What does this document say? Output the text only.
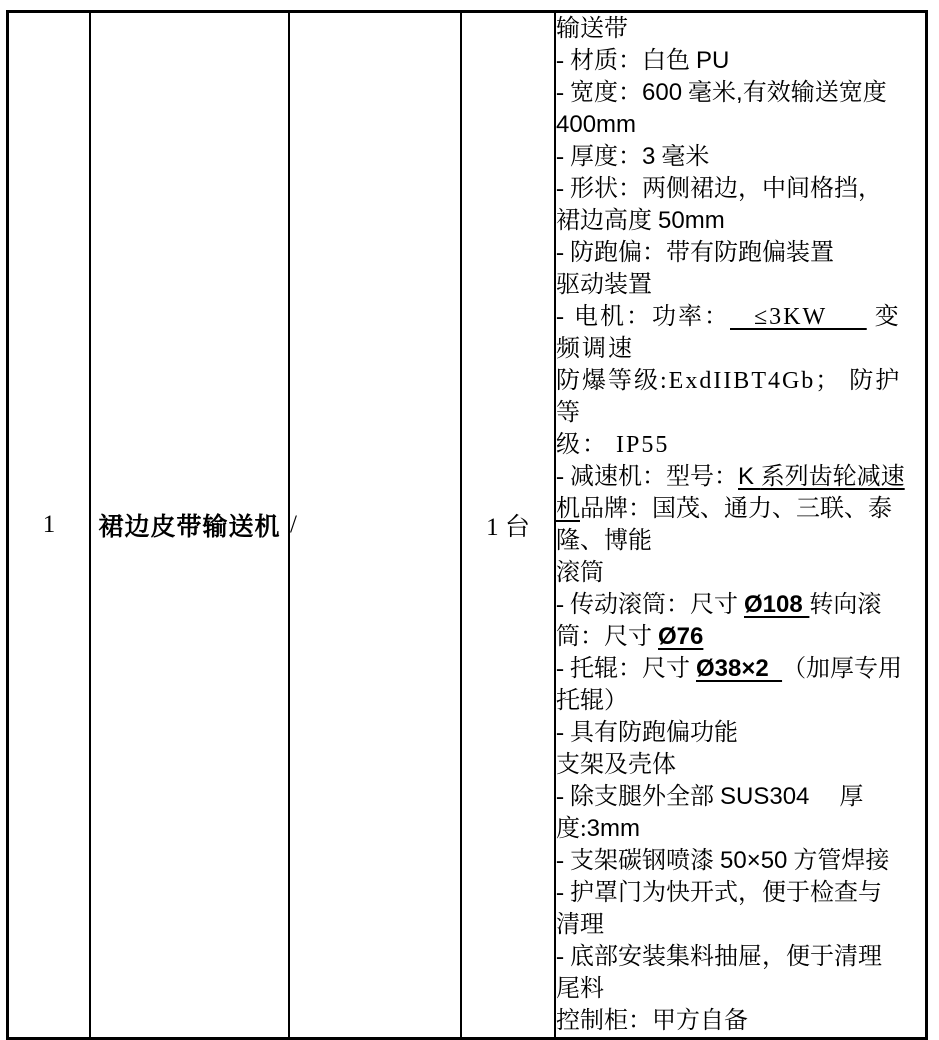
1	裙边皮带输送机	/	1 台	
输送带
- 材质：白色 PU
- 宽度：600 毫米,有效输送宽度
400mm
- 厚度：3 毫米
- 形状：两侧裙边，中间格挡，
裙边高度 50mm
- 防跑偏：带有防跑偏装置
驱动装置
- 电机：功率：   ≤3KW      变
频调速
防爆等级:ExdIIBT4Gb； 防护等
级： IP55
- 减速机：型号：K 系列齿轮减速
机品牌：国茂、通力、三联、泰
隆、博能
滚筒
- 传动滚筒：尺寸 Ø108 转向滚
筒：尺寸 Ø76
- 托辊：尺寸 Ø38×2  （加厚专用
托辊）
- 具有防跑偏功能
支架及壳体
- 除支腿外全部 SUS304　 厚
度:3mm
- 支架碳钢喷漆 50×50 方管焊接
- 护罩门为快开式，便于检查与
清理
- 底部安装集料抽屉，便于清理
尾料
控制柜：甲方自备
